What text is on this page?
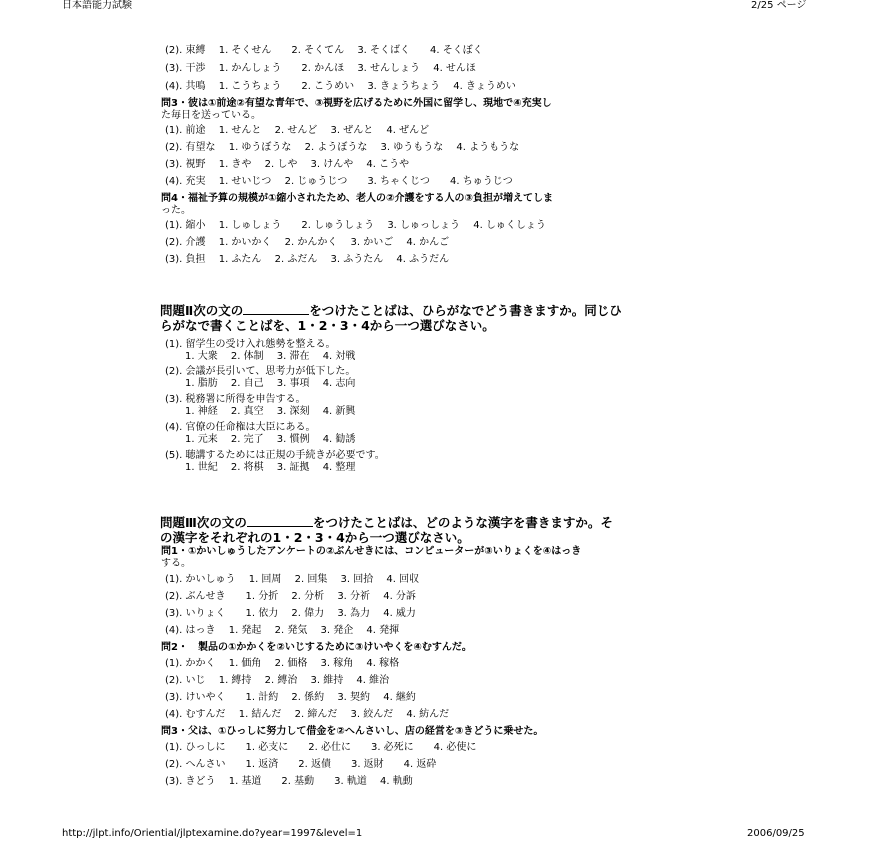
日本語能力試験	2/25 ページ
(2). 束縛　 1. そくせん　　2. そくてん　 3. そくばく　　4. そくぼく
(3). 干渉　 1. かんしょう　　2. かんほ　 3. せんしょう　 4. せんほ
(4). 共鳴　 1. こうちょう　　2. こうめい　 3. きょうちょう　 4. きょうめい
問3・彼は①前途②有望な青年で、③視野を広げるために外国に留学し、現地で④充実し
た毎日を送っている。
(1). 前途　 1. せんと　 2. せんど　 3. ぜんと　 4. ぜんど
(2). 有望な　 1. ゆうぼうな　 2. ようぼうな　 3. ゆうもうな　 4. ようもうな
(3). 視野　 1. きや　 2. しや　 3. けんや　 4. こうや
(4). 充実　 1. せいじつ　 2. じゅうじつ　　3. ちゃくじつ　　4. ちゅうじつ
問4・福祉予算の規模が①縮小されたため、老人の②介護をする人の③負担が増えてしま
った。
(1). 縮小　 1. しゅしょう　　2. しゅうしょう　 3. しゅっしょう　 4. しゅくしょう
(2). 介護　 1. かいかく　 2. かんかく　 3. かいご　 4. かんご
(3). 負担　 1. ふたん　 2. ふだん　 3. ふうたん　 4. ふうだん
問題Ⅱ次の文の	をつけたことばは、ひらがなでどう書きますか。同じひ
らがなで書くことばを、1・2・3・4から一つ選びなさい。
(1). 留学生の受け入れ態勢を整える。
1. 大衆　 2. 体制　 3. 滞在　 4. 対戦
(2). 会議が長引いて、思考力が低下した。
1. 脂肪　 2. 自己　 3. 事項　 4. 志向
(3). 税務署に所得を申告する。
1. 神経　 2. 真空　 3. 深刻　 4. 新興
(4). 官僚の任命権は大臣にある。
1. 元来　 2. 完了　 3. 慣例　 4. 勧誘
(5). 聴講するためには正規の手続きが必要です。
1. 世紀　 2. 将棋　 3. 証拠　 4. 整理
問題Ⅲ次の文の	をつけたことばは、どのような漢字を書きますか。そ
の漢字をそれぞれの1・2・3・4から一つ選びなさい。
問1・①かいしゅうしたアンケートの②ぶんせきには、コンピューターが③いりょくを④はっき
する。
(1). かいしゅう　 1. 回周　 2. 回集　 3. 回拾　 4. 回収
(2). ぶんせき　　1. 分折　 2. 分析　 3. 分祈　 4. 分訴
(3). いりょく　　1. 依力　 2. 偉力　 3. 為力　 4. 威力
(4). はっき　 1. 発起　 2. 発気　 3. 発企　 4. 発揮
問2・　製品の①かかくを②いじするために③けいやくを④むすんだ。
(1). かかく　 1. 価角　 2. 価格　 3. 稼角　 4. 稼格
(2). いじ　 1. 縛持　 2. 縛治　 3. 維持　 4. 維治
(3). けいやく　　1. 計約　 2. 係約　 3. 契約　 4. 継約
(4). むすんだ　 1. 結んだ　 2. 締んだ　 3. 絞んだ　 4. 紡んだ
問3・父は、①ひっしに努力して借金を②へんさいし、店の経営を③きどうに乗せた。
(1). ひっしに　　1. 必支に　　2. 必仕に　　3. 必死に　　4. 必使に
(2). へんさい　　1. 返済　　2. 返債　　3. 返財　　4. 返砕
(3). きどう　 1. 基道　　2. 基動　　3. 軌道　 4. 軌動
http://jlpt.info/Oriential/jlptexamine.do?year=1997&level=1	2006/09/25
